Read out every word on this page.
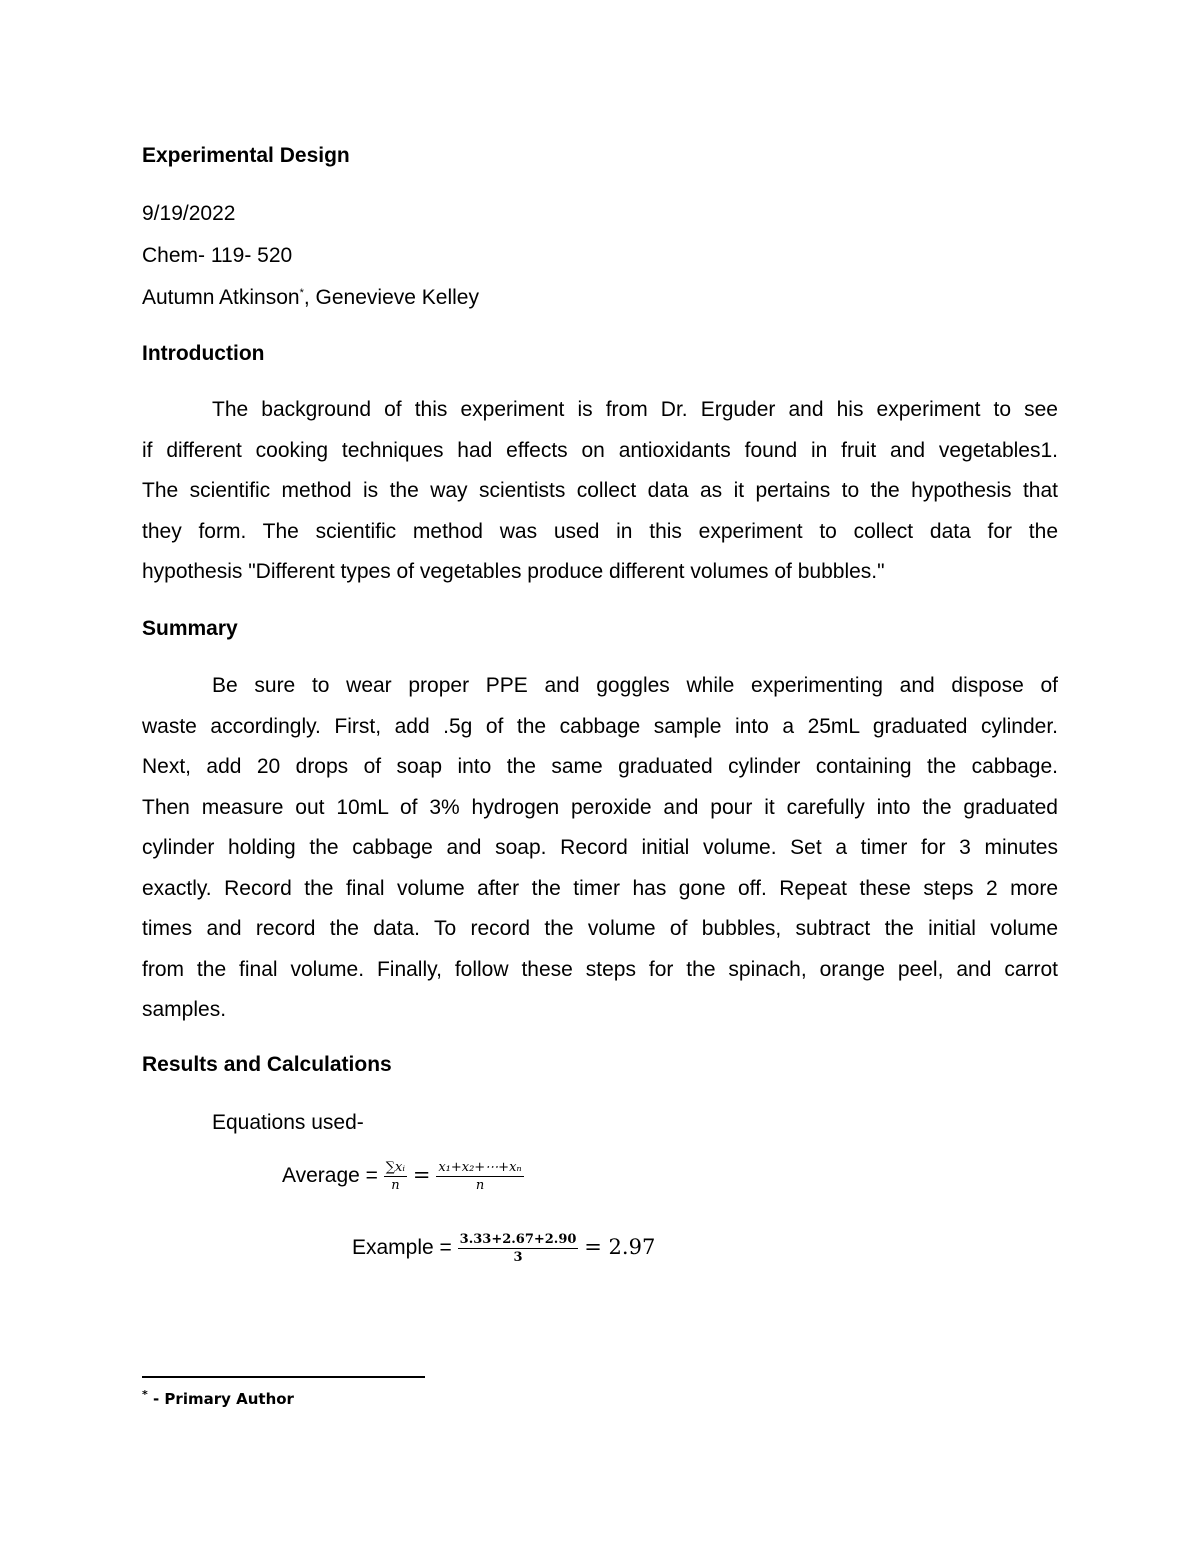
Experimental Design
9/19/2022
Chem- 119- 520
Autumn Atkinson*, Genevieve Kelley
Introduction
The background of this experiment is from Dr. Erguder and his experiment to see
if different cooking techniques had effects on antioxidants found in fruit and vegetables1.
The scientific method is the way scientists collect data as it pertains to the hypothesis that
they form. The scientific method was used in this experiment to collect data for the
hypothesis "Different types of vegetables produce different volumes of bubbles."
Summary
Be sure to wear proper PPE and goggles while experimenting and dispose of
waste accordingly. First, add .5g of the cabbage sample into a 25mL graduated cylinder.
Next, add 20 drops of soap into the same graduated cylinder containing the cabbage.
Then measure out 10mL of 3% hydrogen peroxide and pour it carefully into the graduated
cylinder holding the cabbage and soap. Record initial volume. Set a timer for 3 minutes
exactly. Record the final volume after the timer has gone off. Repeat these steps 2 more
times and record the data. To record the volume of bubbles, subtract the initial volume
from the final volume. Finally, follow these steps for the spinach, orange peel, and carrot
samples.
Results and Calculations
Equations used-
Average = $\frac{\text{∑xᵢ}}{n} = \frac{\text{x₁+x₂+⋯+xₙ}}{n}$
Example = $\frac{3.33+2.67+2.90}{3} = 2.97$
* - Primary Author
